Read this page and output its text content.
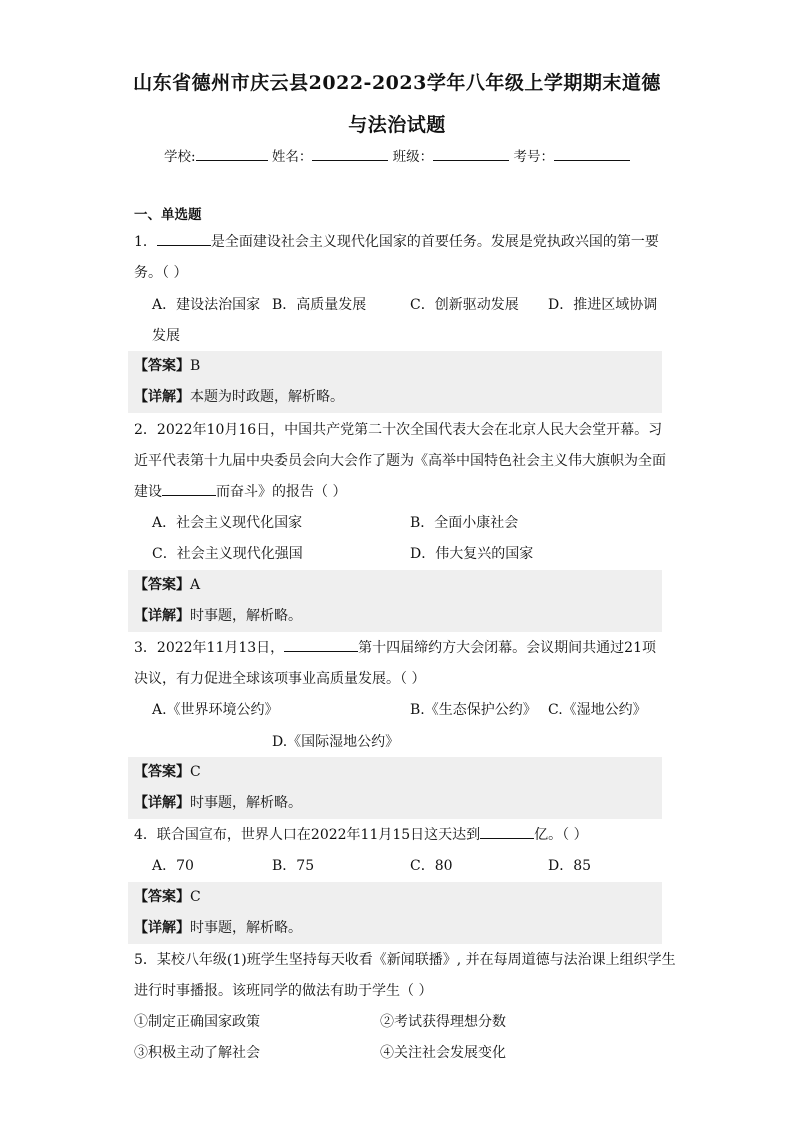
山东省德州市庆云县2022-2023学年八年级上学期期末道德
与法治试题
学校:	姓名：	班级：	考号：
一、单选题
1．	是全面建设社会主义现代化国家的首要任务。发展是党执政兴国的第一要
务。（ ）
A．建设法治国家 B．高质量发展	C．创新驱动发展 D．推进区域协调
发展
【答案】B
【详解】本题为时政题，解析略。
2．2022年10月16日，中国共产党第二十次全国代表大会在北京人民大会堂开幕。习
近平代表第十九届中央委员会向大会作了题为《高举中国特色社会主义伟大旗帜为全面
建设	而奋斗》的报告（ ）
A．社会主义现代化国家	B．全面小康社会
C．社会主义现代化强国	D．伟大复兴的国家
【答案】A
【详解】时事题，解析略。
3．2022年11月13日，	第十四届缔约方大会闭幕。会议期间共通过21项
决议，有力促进全球该项事业高质量发展。（ ）
A.《世界环境公约》	B.《生态保护公约》 C.《湿地公约》
D.《国际湿地公约》
【答案】C
【详解】时事题，解析略。
4．联合国宣布，世界人口在2022年11月15日这天达到	亿。（ ）
A．70	B．75	C．80	D．85
【答案】C
【详解】时事题，解析略。
5．某校八年级(1)班学生坚持每天收看《新闻联播》, 并在每周道德与法治课上组织学生
进行时事播报。该班同学的做法有助于学生（ ）
①制定正确国家政策	②考试获得理想分数
③积极主动了解社会	④关注社会发展变化
